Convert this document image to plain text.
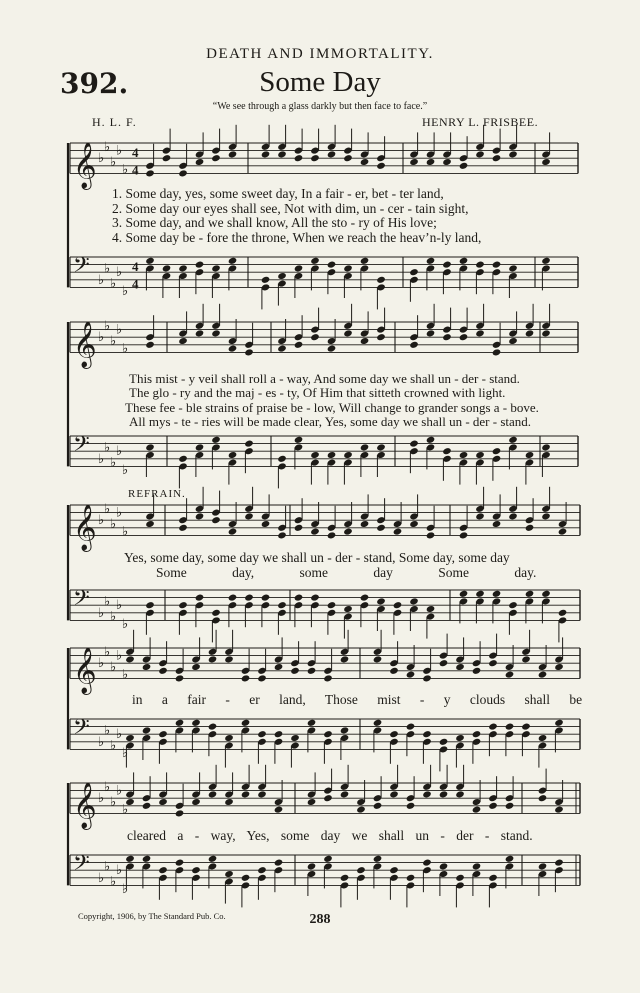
DEATH AND IMMORTALITY.
392.	Some Day
“We see through a glass darkly but then face to face.”
H. L. F.	HENRY L. FRISBEE.
𝄞 ♭
♭
♭
♭
♭
4
4
𝄢 ♭
♭
♭
♭
♭
4
4
𝄞 ♭
♭
♭
♭
♭
𝄢 ♭
♭
♭
♭
♭
𝄞 ♭
♭
♭
♭
♭
𝄢 ♭
♭
♭
♭
♭
𝄞 ♭
♭
♭
♭
♭
𝄢 ♭
♭
♭
♭
♭
𝄞 ♭
♭
♭
♭
♭
𝄢 ♭
♭
♭
♭
♭
1. Some day, yes, some sweet day, In a fair - er, bet - ter land,
2. Some day our eyes shall see, Not with dim, un - cer - tain sight,
3. Some day, and we shall know, All the sto - ry of His love;
4. Some day be - fore the throne, When we reach the heav’n-ly land,
This mist - y veil shall roll a - way, And some day we shall un - der - stand.
The glo - ry and the maj - es - ty, Of Him that sitteth crowned with light.
These fee - ble strains of praise be - low, Will change to grander songs a - bove.
All mys - te - ries will be made clear, Yes, some day we shall un - der - stand.
REFRAIN.
Yes, some day, some day we shall un - der - stand, Some day, some day
Some day, some day Some day.
in a fair - er land, Those mist - y clouds shall be
cleared a - way, Yes, some day we shall un - der - stand.
Copyright, 1906, by The Standard Pub. Co.	288
